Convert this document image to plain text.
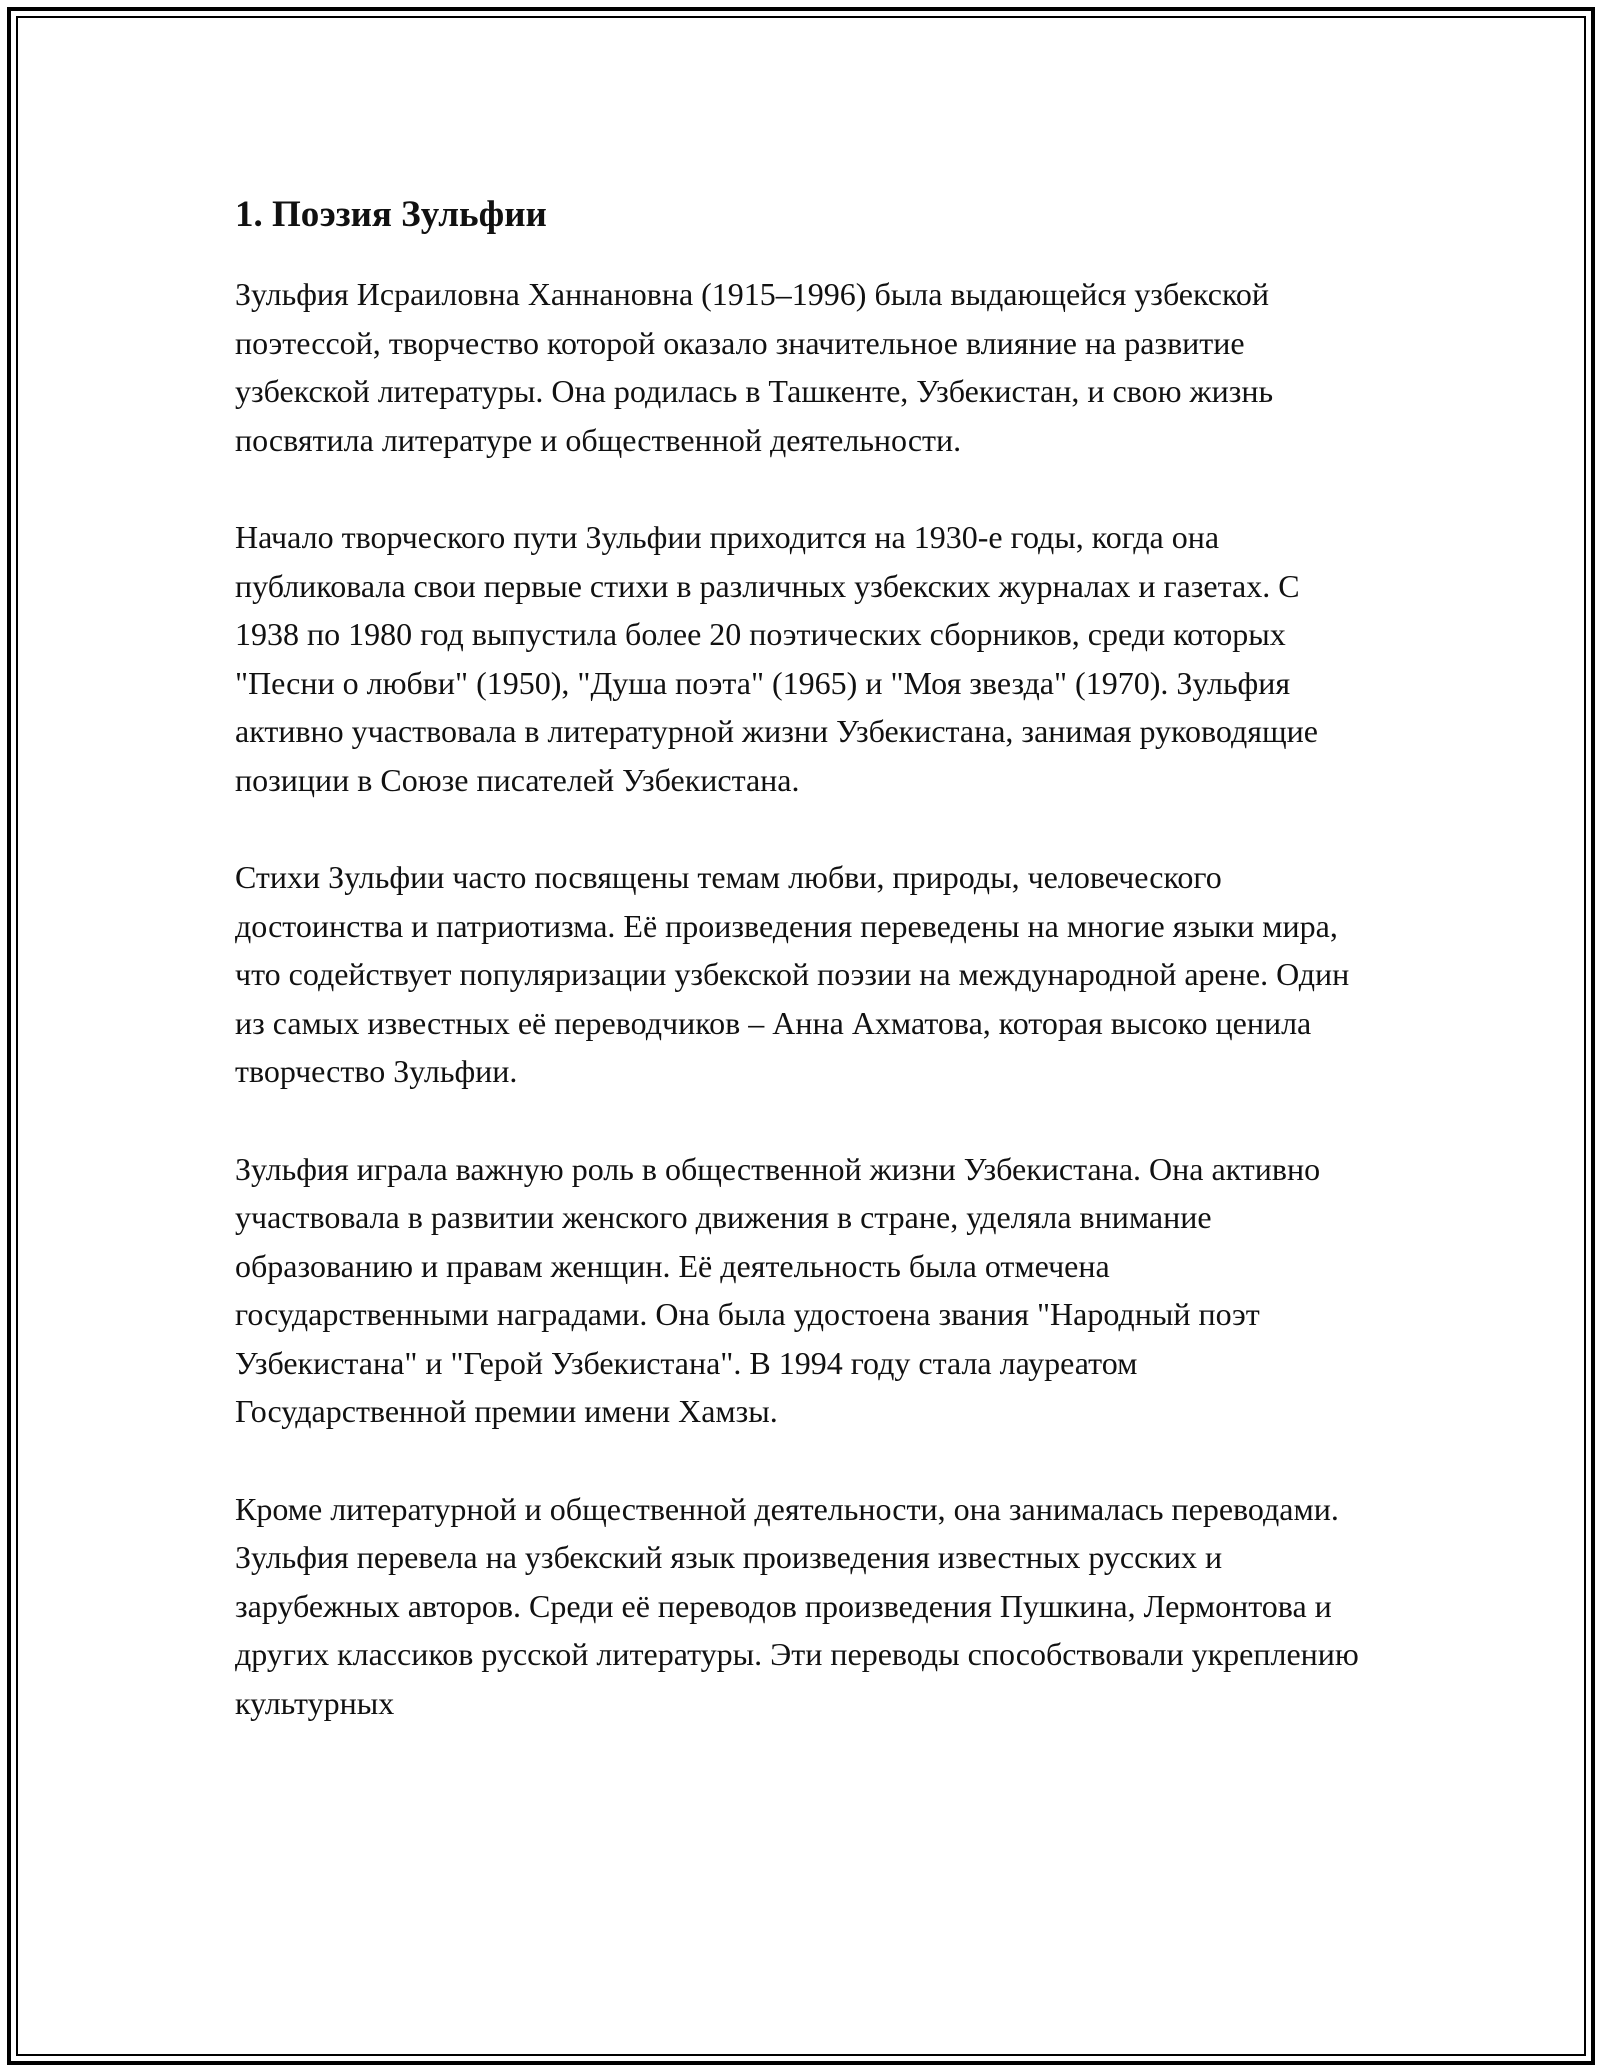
1. Поэзия Зульфии

Зульфия Исраиловна Ханнановна (1915–1996) была выдающейся узбекской поэтессой, творчество которой оказало значительное влияние на развитие узбекской литературы. Она родилась в Ташкенте, Узбекистан, и свою жизнь посвятила литературе и общественной деятельности.

Начало творческого пути Зульфии приходится на 1930-е годы, когда она публиковала свои первые стихи в различных узбекских журналах и газетах. С 1938 по 1980 год выпустила более 20 поэтических сборников, среди которых "Песни о любви" (1950), "Душа поэта" (1965) и "Моя звезда" (1970). Зульфия активно участвовала в литературной жизни Узбекистана, занимая руководящие позиции в Союзе писателей Узбекистана.

Стихи Зульфии часто посвящены темам любви, природы, человеческого достоинства и патриотизма. Её произведения переведены на многие языки мира, что содействует популяризации узбекской поэзии на международной арене. Один из самых известных её переводчиков – Анна Ахматова, которая высоко ценила творчество Зульфии.

Зульфия играла важную роль в общественной жизни Узбекистана. Она активно участвовала в развитии женского движения в стране, уделяла внимание образованию и правам женщин. Её деятельность была отмечена государственными наградами. Она была удостоена звания "Народный поэт Узбекистана" и "Герой Узбекистана". В 1994 году стала лауреатом Государственной премии имени Хамзы.

Кроме литературной и общественной деятельности, она занималась переводами. Зульфия перевела на узбекский язык произведения известных русских и зарубежных авторов. Среди её переводов произведения Пушкина, Лермонтова и других классиков русской литературы. Эти переводы способствовали укреплению культурных
